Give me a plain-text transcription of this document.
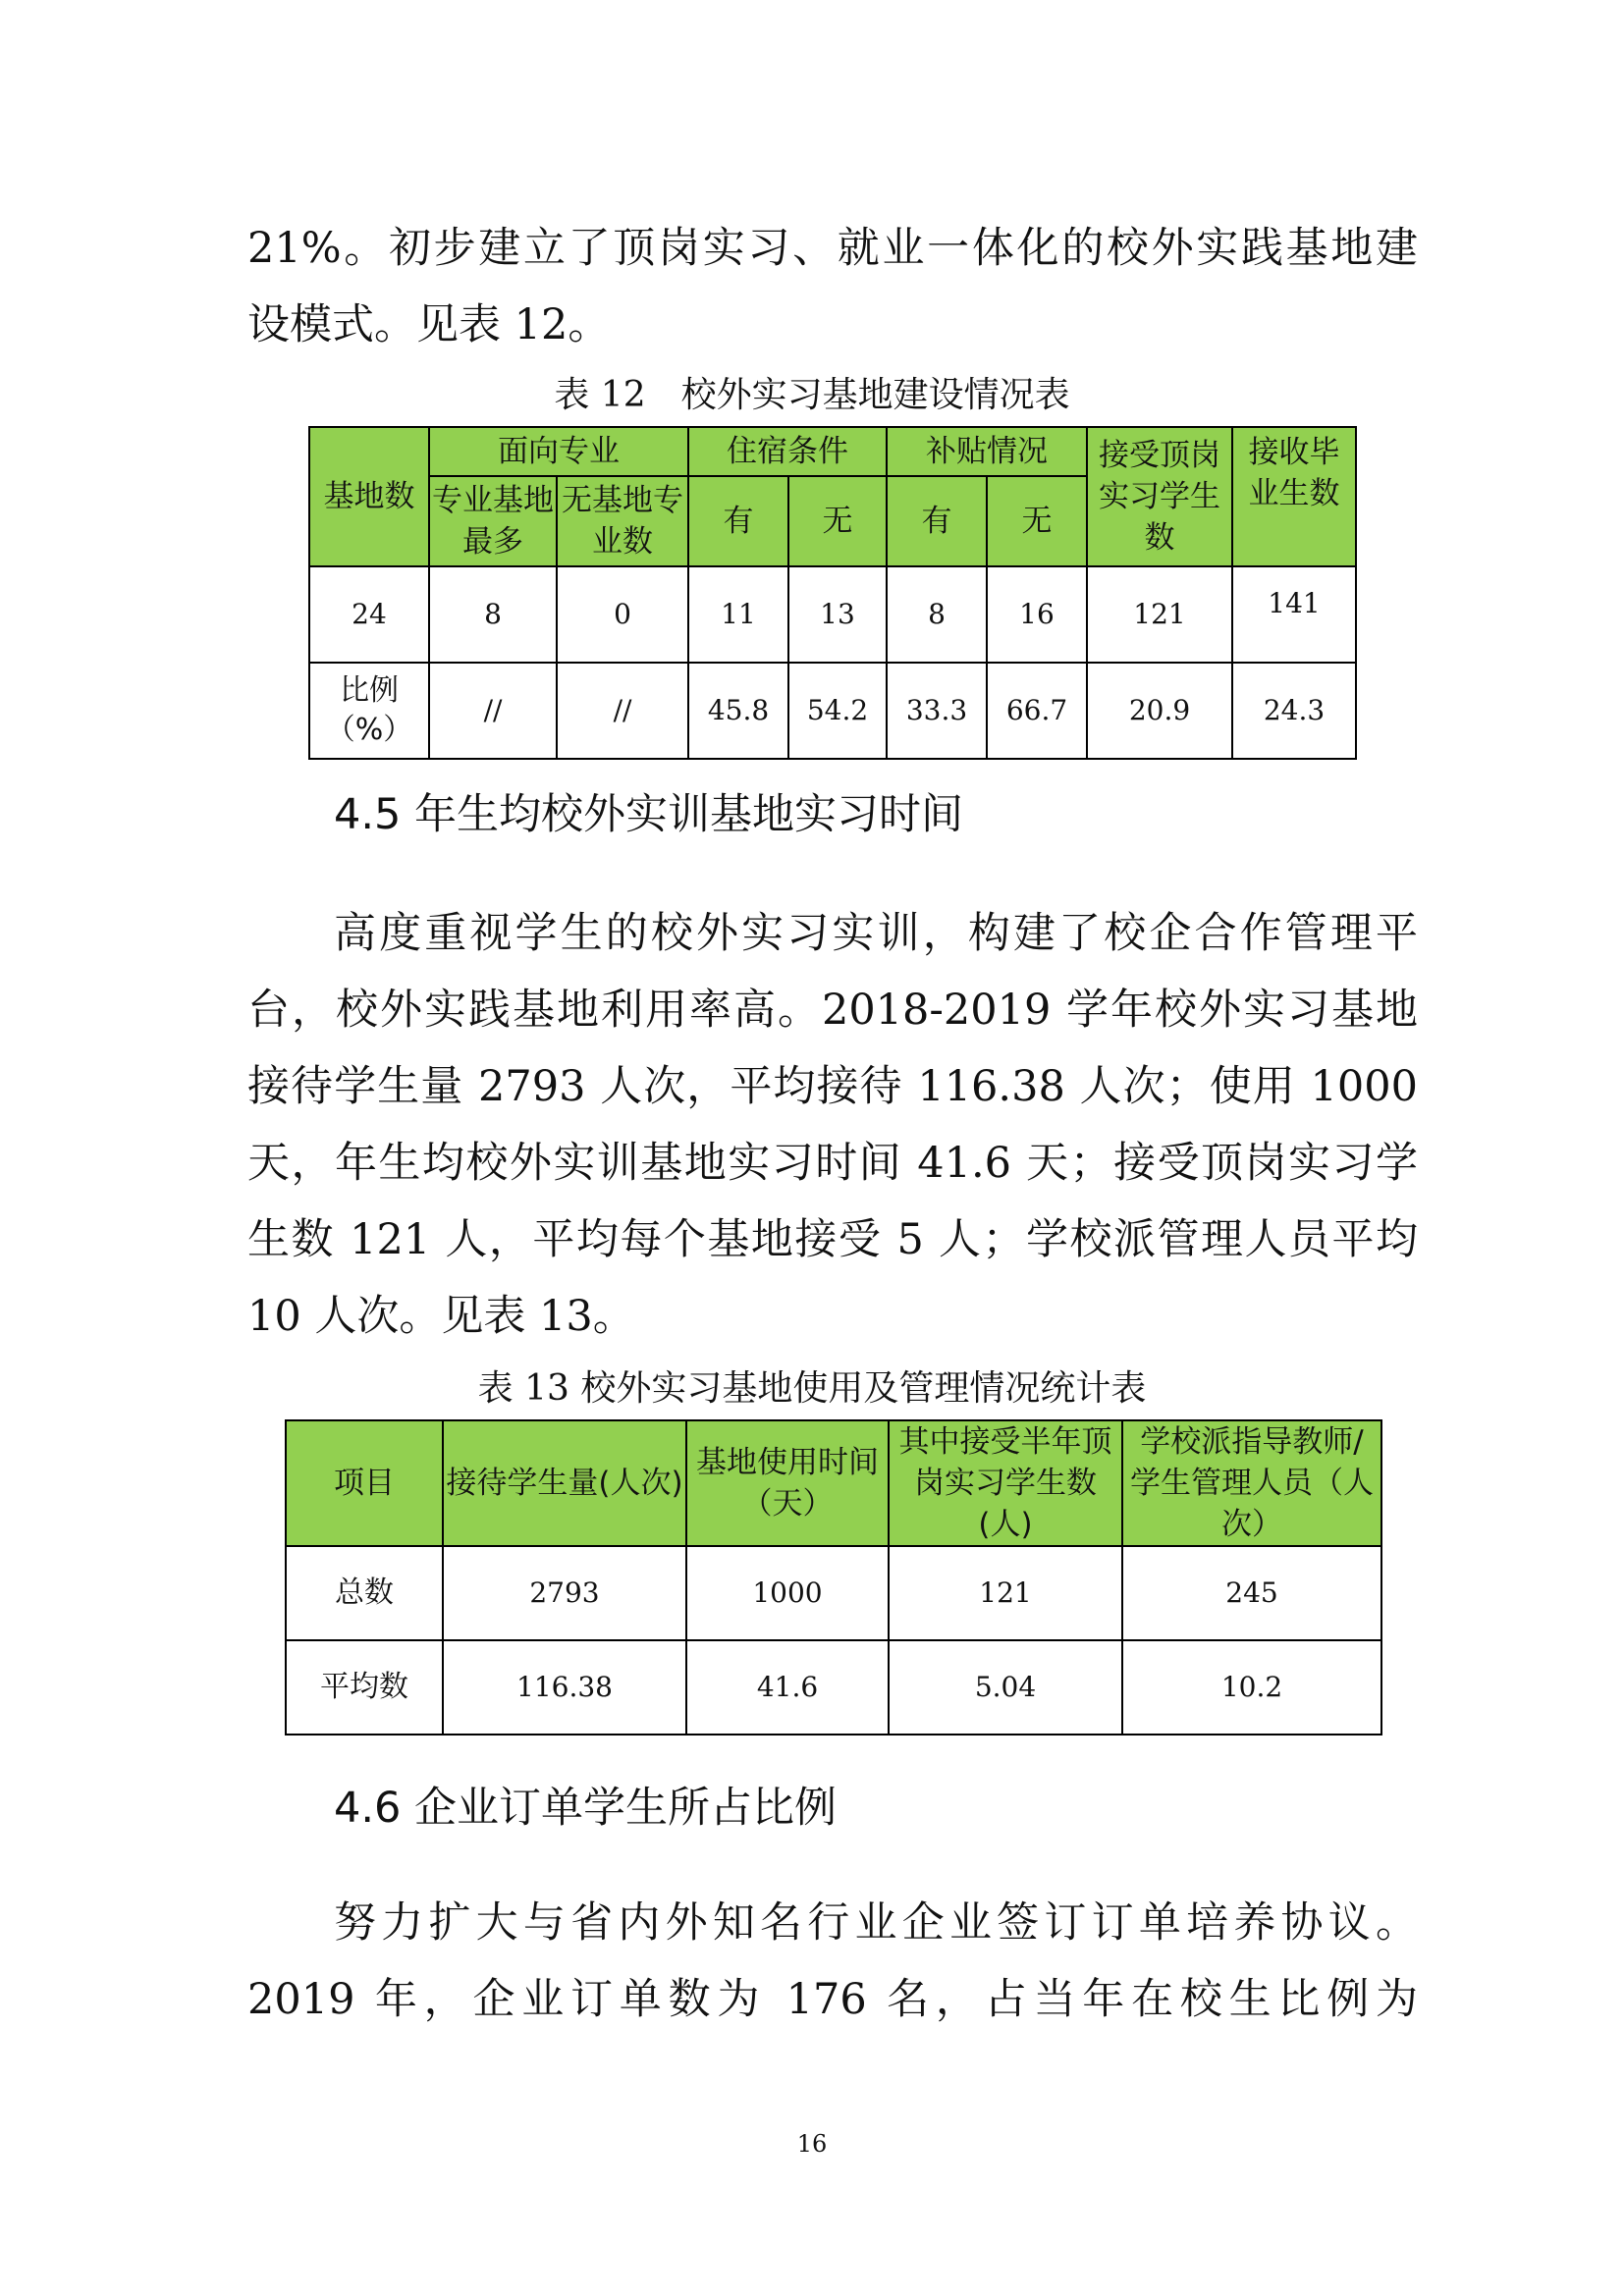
21%。初步建立了顶岗实习、就业一体化的校外实践基地建

设模式。见表 12。

表 12　校外实习基地建设情况表

基地数	面向专业		住宿条件		补贴情况		接受顶岗实习学生数	接收毕业生数
	专业基地最多	无基地专业数	有	无	有	无		
24	8	0	11	13	8	16	121	141
比例（%）	//	//	45.8	54.2	33.3	66.7	20.9	24.3

4.5 年生均校外实训基地实习时间

高度重视学生的校外实习实训，构建了校企合作管理平

台，校外实践基地利用率高。2018-2019 学年校外实习基地

接待学生量 2793 人次，平均接待 116.38 人次；使用 1000

天，年生均校外实训基地实习时间 41.6 天；接受顶岗实习学

生数 121 人，平均每个基地接受 5 人；学校派管理人员平均

10 人次。见表 13。

表 13 校外实习基地使用及管理情况统计表

项目	接待学生量(人次)	基地使用时间（天）	其中接受半年顶岗实习学生数(人)	学校派指导教师/学生管理人员（人次）
总数	2793	1000	121	245
平均数	116.38	41.6	5.04	10.2

4.6 企业订单学生所占比例

努力扩大与省内外知名行业企业签订订单培养协议。

2019 年，企业订单数为 176 名，占当年在校生比例为

16
